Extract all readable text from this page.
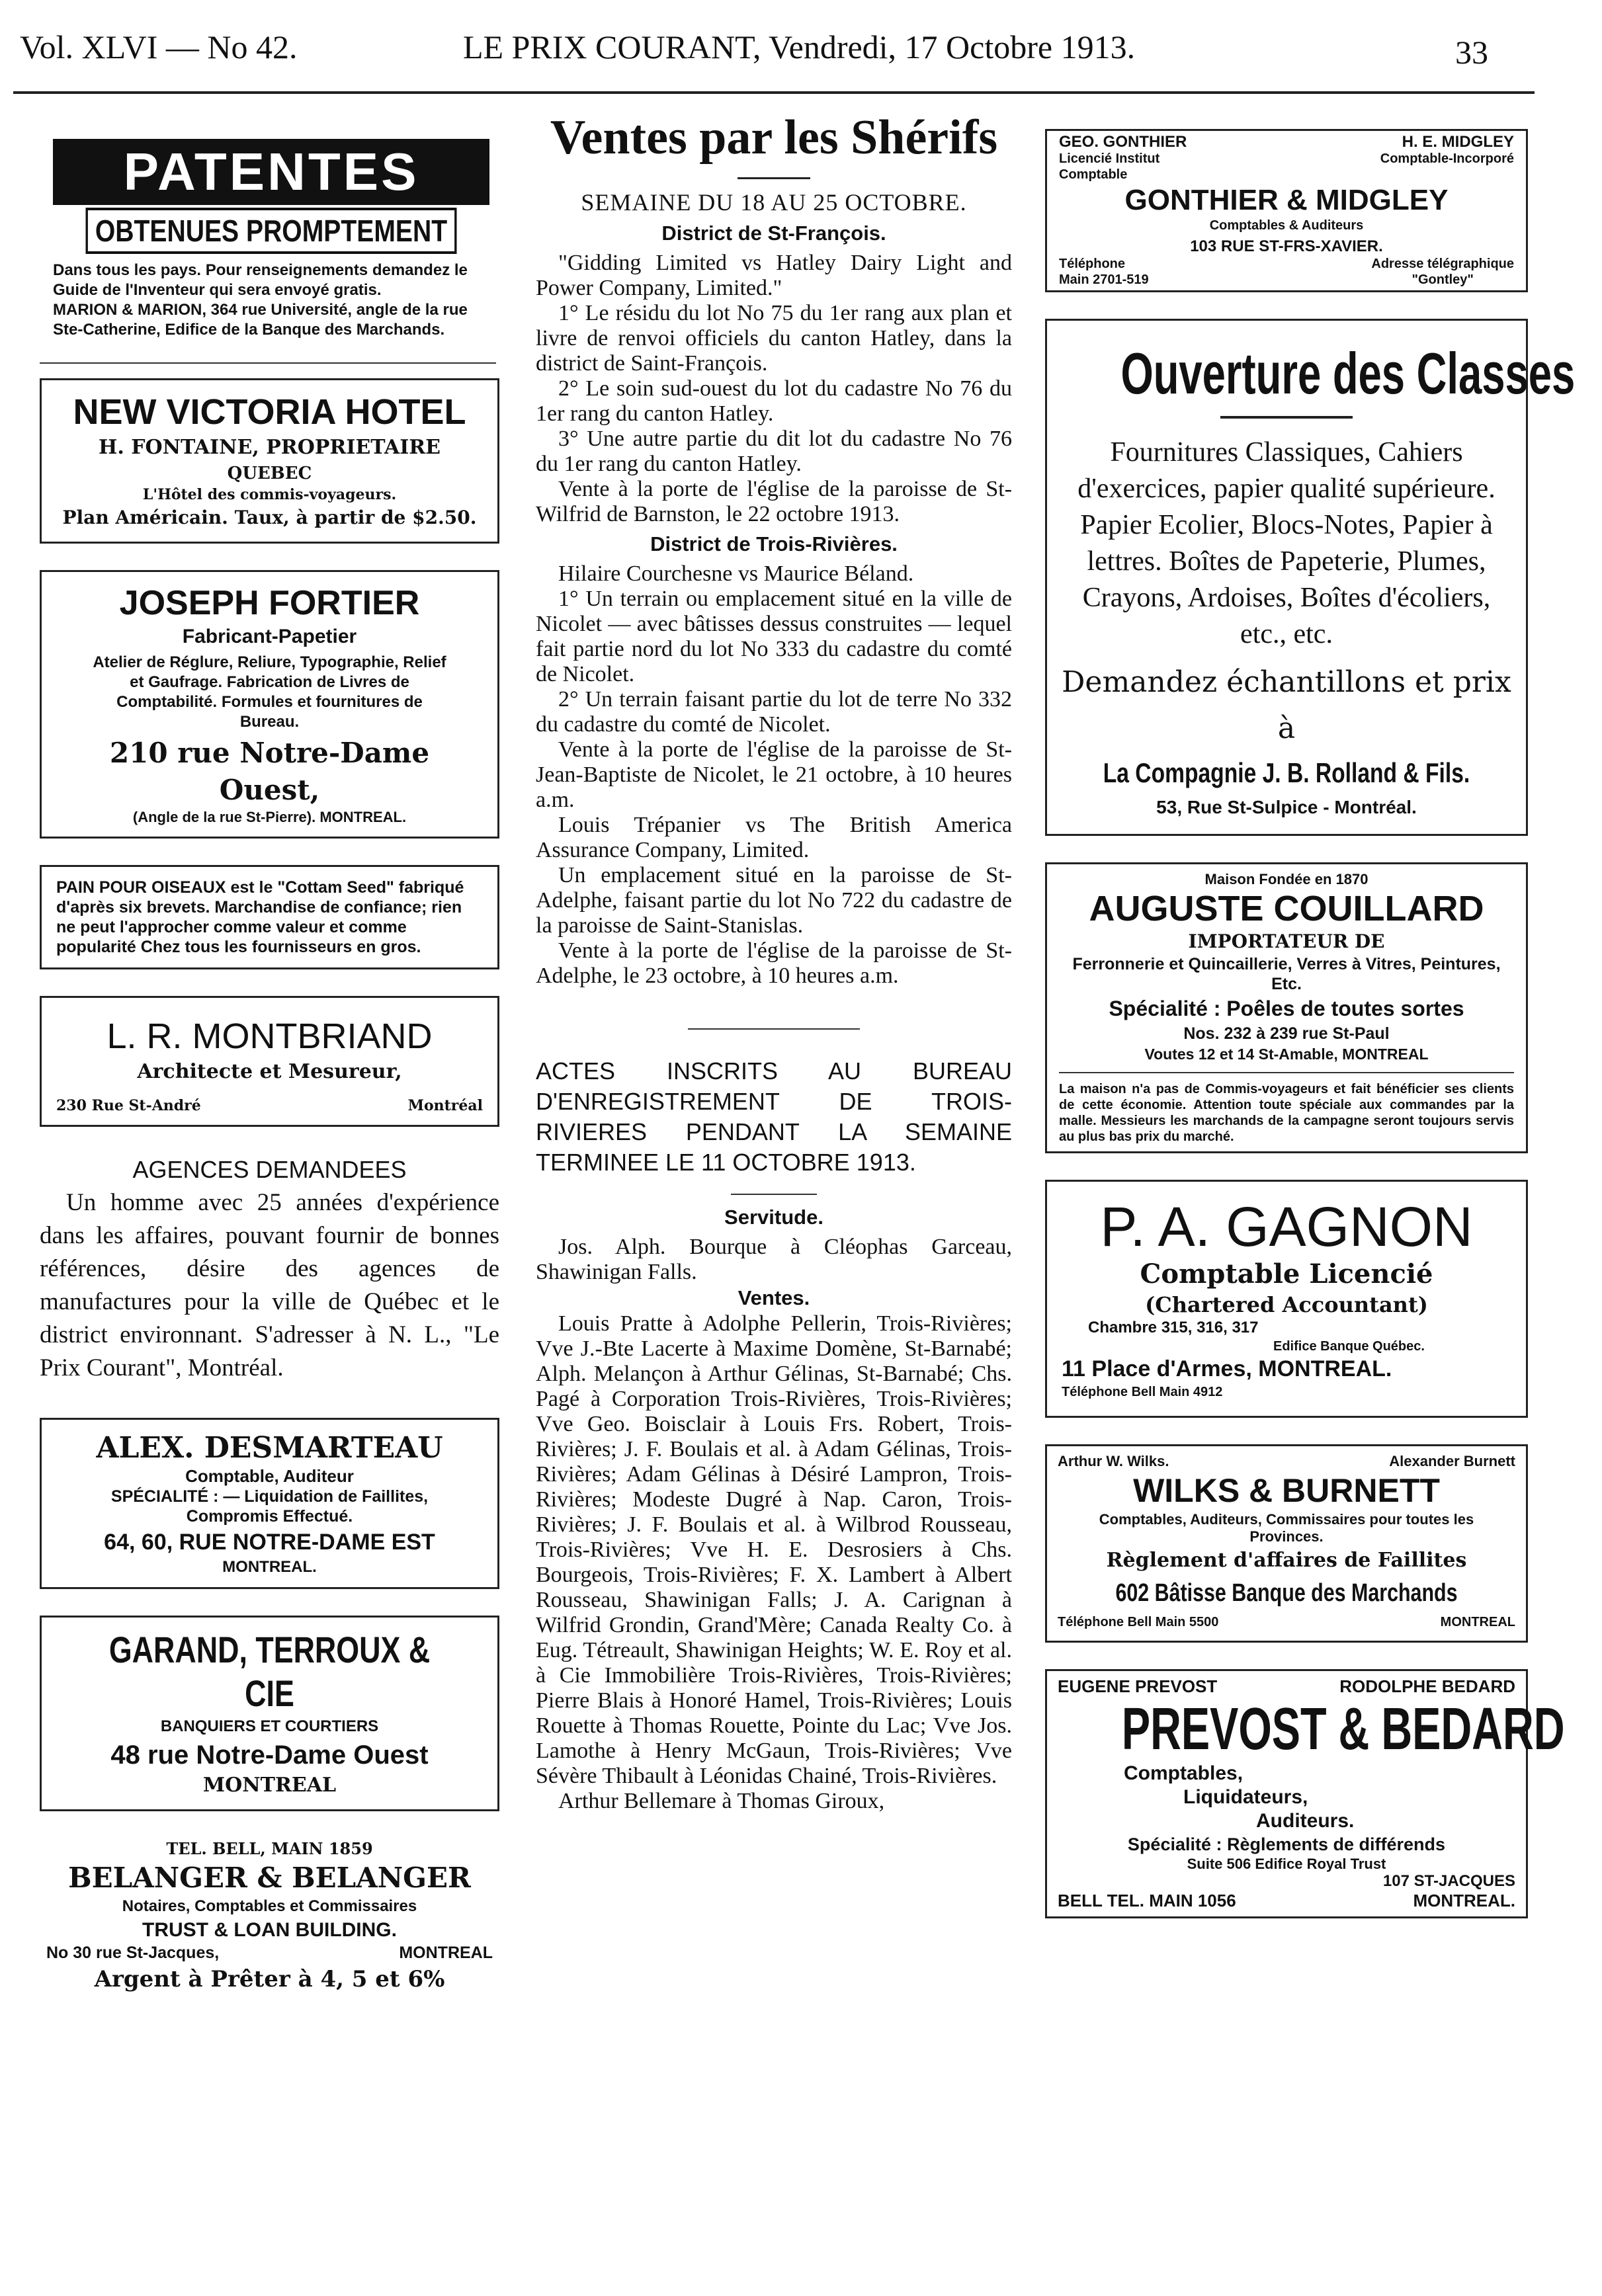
Vol. XLVI — No 42.	LE PRIX COURANT, Vendredi, 17 Octobre 1913.	33
PATENTES
OBTENUES PROMPTEMENT

Dans tous les pays. Pour renseignements demandez le Guide de l'Inventeur qui sera envoyé gratis.

MARION & MARION, 364 rue Université, angle de la rue Ste-Catherine, Edifice de la Banque des Marchands.

NEW VICTORIA HOTEL
H. FONTAINE, PROPRIETAIRE
QUEBEC
L'Hôtel des commis-voyageurs.
Plan Américain. Taux, à partir de $2.50.
JOSEPH FORTIER
Fabricant-Papetier

Atelier de Réglure, Reliure, Typographie, Relief et Gaufrage. Fabrication de Livres de Comptabilité. Formules et fournitures de Bureau.

210 rue Notre-Dame Ouest,
(Angle de la rue St-Pierre). MONTREAL.

PAIN POUR OISEAUX est le "Cottam Seed" fabriqué d'après six brevets. Marchandise de confiance; rien ne peut l'approcher comme valeur et comme popularité Chez tous les fournisseurs en gros.

L. R. MONTBRIAND
Architecte et Mesureur,
230 Rue St-André	Montréal
AGENCES DEMANDEES

Un homme avec 25 années d'expérience dans les affaires, pouvant fournir de bonnes références, désire des agences de manufactures pour la ville de Québec et le district environnant. S'adresser à N. L., "Le Prix Courant", Montréal.

ALEX. DESMARTEAU
Comptable, Auditeur
SPÉCIALITÉ : — Liquidation de Faillites, Compromis Effectué.
64, 60, RUE NOTRE-DAME EST
MONTREAL.
GARAND, TERROUX & CIE
BANQUIERS ET COURTIERS
48 rue Notre-Dame Ouest
MONTREAL
TEL. BELL, MAIN 1859
BELANGER & BELANGER
Notaires, Comptables et Commissaires
TRUST & LOAN BUILDING.
No 30 rue St-Jacques,	MONTREAL
Argent à Prêter à 4, 5 et 6%
Ventes par les Shérifs
SEMAINE DU 18 AU 25 OCTOBRE.
District de St-François.

"Gidding Limited vs Hatley Dairy Light and Power Company, Limited."

1° Le résidu du lot No 75 du 1er rang aux plan et livre de renvoi officiels du canton Hatley, dans la district de Saint-François.

2° Le soin sud-ouest du lot du cadastre No 76 du 1er rang du canton Hatley.

3° Une autre partie du dit lot du cadastre No 76 du 1er rang du canton Hatley.

Vente à la porte de l'église de la paroisse de St-Wilfrid de Barnston, le 22 octobre 1913.

District de Trois-Rivières.

Hilaire Courchesne vs Maurice Béland.

1° Un terrain ou emplacement situé en la ville de Nicolet — avec bâtisses dessus construites — lequel fait partie nord du lot No 333 du cadastre du comté de Nicolet.

2° Un terrain faisant partie du lot de terre No 332 du cadastre du comté de Nicolet.

Vente à la porte de l'église de la paroisse de St-Jean-Baptiste de Nicolet, le 21 octobre, à 10 heures a.m.

Louis Trépanier vs The British America Assurance Company, Limited.

Un emplacement situé en la paroisse de St-Adelphe, faisant partie du lot No 722 du cadastre de la paroisse de Saint-Stanislas.

Vente à la porte de l'église de la paroisse de St-Adelphe, le 23 octobre, à 10 heures a.m.

ACTES INSCRITS AU BUREAU D'ENREGISTREMENT DE TROIS-RIVIERES PENDANT LA SEMAINE TERMINEE LE 11 OCTOBRE 1913.

Servitude.

Jos. Alph. Bourque à Cléophas Garceau, Shawinigan Falls.

Ventes.

Louis Pratte à Adolphe Pellerin, Trois-Rivières; Vve J.-Bte Lacerte à Maxime Domène, St-Barnabé; Alph. Melançon à Arthur Gélinas, St-Barnabé; Chs. Pagé à Corporation Trois-Rivières, Trois-Rivières; Vve Geo. Boisclair à Louis Frs. Robert, Trois-Rivières; J. F. Boulais et al. à Adam Gélinas, Trois-Rivières; Adam Gélinas à Désiré Lampron, Trois-Rivières; Modeste Dugré à Nap. Caron, Trois-Rivières; J. F. Boulais et al. à Wilbrod Rousseau, Trois-Rivières; Vve H. E. Desrosiers à Chs. Bourgeois, Trois-Rivières; F. X. Lambert à Albert Rousseau, Shawinigan Falls; J. A. Carignan à Wilfrid Grondin, Grand'Mère; Canada Realty Co. à Eug. Tétreault, Shawinigan Heights; W. E. Roy et al. à Cie Immobilière Trois-Rivières, Trois-Rivières; Pierre Blais à Honoré Hamel, Trois-Rivières; Louis Rouette à Thomas Rouette, Pointe du Lac; Vve Jos. Lamothe à Henry McGaun, Trois-Rivières; Vve Sévère Thibault à Léonidas Chainé, Trois-Rivières.

Arthur Bellemare à Thomas Giroux,

GEO. GONTHIER	H. E. MIDGLEY
Licencié Institut Comptable
Comptable-Incorporé
GONTHIER & MIDGLEY
Comptables & Auditeurs
103 RUE ST-FRS-XAVIER.
Téléphone
Main 2701-519
Adresse télégraphique
"Gontley"
Ouverture des Classes

Fournitures Classiques, Cahiers d'exercices, papier qualité supérieure. Papier Ecolier, Blocs-Notes, Papier à lettres. Boîtes de Papeterie, Plumes, Crayons, Ardoises, Boîtes d'écoliers, etc., etc.

Demandez échantillons et prix à
La Compagnie J. B. Rolland & Fils.
53, Rue St-Sulpice - Montréal.
Maison Fondée en 1870
AUGUSTE COUILLARD
IMPORTATEUR DE
Ferronnerie et Quincaillerie, Verres à Vitres, Peintures, Etc.
Spécialité : Poêles de toutes sortes
Nos. 232 à 239 rue St-Paul
Voutes 12 et 14 St-Amable, MONTREAL

La maison n'a pas de Commis-voyageurs et fait bénéficier ses clients de cette économie. Attention toute spéciale aux commandes par la malle. Messieurs les marchands de la campagne seront toujours servis au plus bas prix du marché.

P. A. GAGNON
Comptable Licencié
(Chartered Accountant)
Chambre 315, 316, 317
Edifice Banque Québec.
11 Place d'Armes, MONTREAL.
Téléphone Bell Main 4912
Arthur W. Wilks.	Alexander Burnett
WILKS & BURNETT
Comptables, Auditeurs, Commissaires pour toutes les Provinces.
Règlement d'affaires de Faillites
602 Bâtisse Banque des Marchands
Téléphone Bell Main 5500	MONTREAL
EUGENE PREVOST	RODOLPHE BEDARD
PREVOST & BEDARD
Comptables,
Liquidateurs,
Auditeurs.
Spécialité : Règlements de différends
Suite 506 Edifice Royal Trust
107 ST-JACQUES
BELL TEL. MAIN 1056	MONTREAL.
